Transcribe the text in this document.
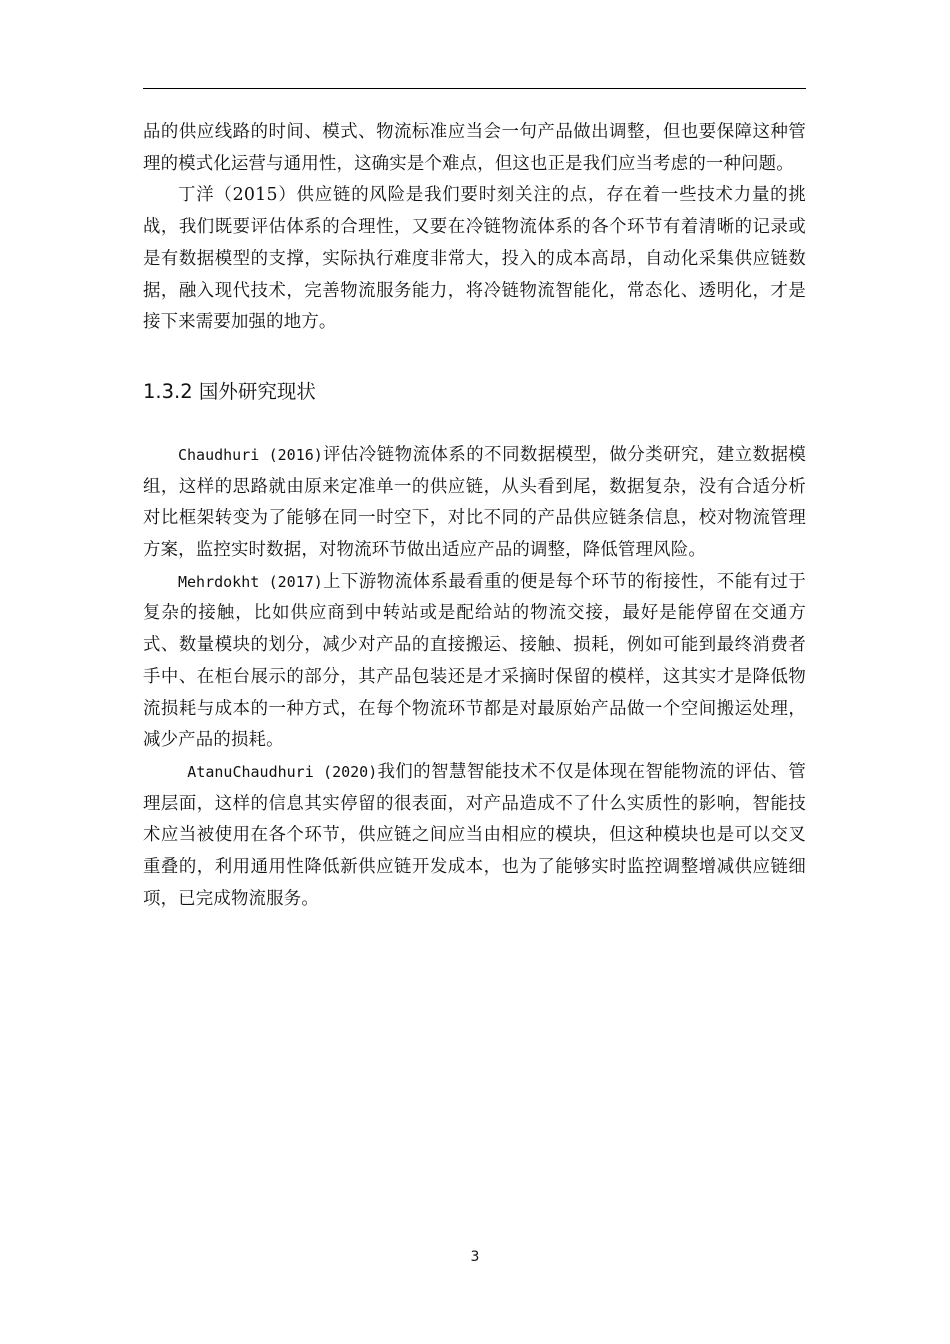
品的供应线路的时间、模式、物流标准应当会一句产品做出调整，但也要保障这种管理的模式化运营与通用性，这确实是个难点，但这也正是我们应当考虑的一种问题。

丁洋（2015）供应链的风险是我们要时刻关注的点，存在着一些技术力量的挑战，我们既要评估体系的合理性，又要在冷链物流体系的各个环节有着清晰的记录或是有数据模型的支撑，实际执行难度非常大，投入的成本高昂，自动化采集供应链数据，融入现代技术，完善物流服务能力，将冷链物流智能化，常态化、透明化，才是接下来需要加强的地方。

1.3.2 国外研究现状

Chaudhuri (2016)评估冷链物流体系的不同数据模型，做分类研究，建立数据模组，这样的思路就由原来定准单一的供应链，从头看到尾，数据复杂，没有合适分析对比框架转变为了能够在同一时空下，对比不同的产品供应链条信息，校对物流管理方案，监控实时数据，对物流环节做出适应产品的调整，降低管理风险。

Mehrdokht (2017)上下游物流体系最看重的便是每个环节的衔接性，不能有过于复杂的接触，比如供应商到中转站或是配给站的物流交接，最好是能停留在交通方式、数量模块的划分，减少对产品的直接搬运、接触、损耗，例如可能到最终消费者手中、在柜台展示的部分，其产品包装还是才采摘时保留的模样，这其实才是降低物流损耗与成本的一种方式，在每个物流环节都是对最原始产品做一个空间搬运处理，减少产品的损耗。

AtanuChaudhuri (2020)我们的智慧智能技术不仅是体现在智能物流的评估、管理层面，这样的信息其实停留的很表面，对产品造成不了什么实质性的影响，智能技术应当被使用在各个环节，供应链之间应当由相应的模块，但这种模块也是可以交叉重叠的，利用通用性降低新供应链开发成本，也为了能够实时监控调整增减供应链细项，已完成物流服务。

3
